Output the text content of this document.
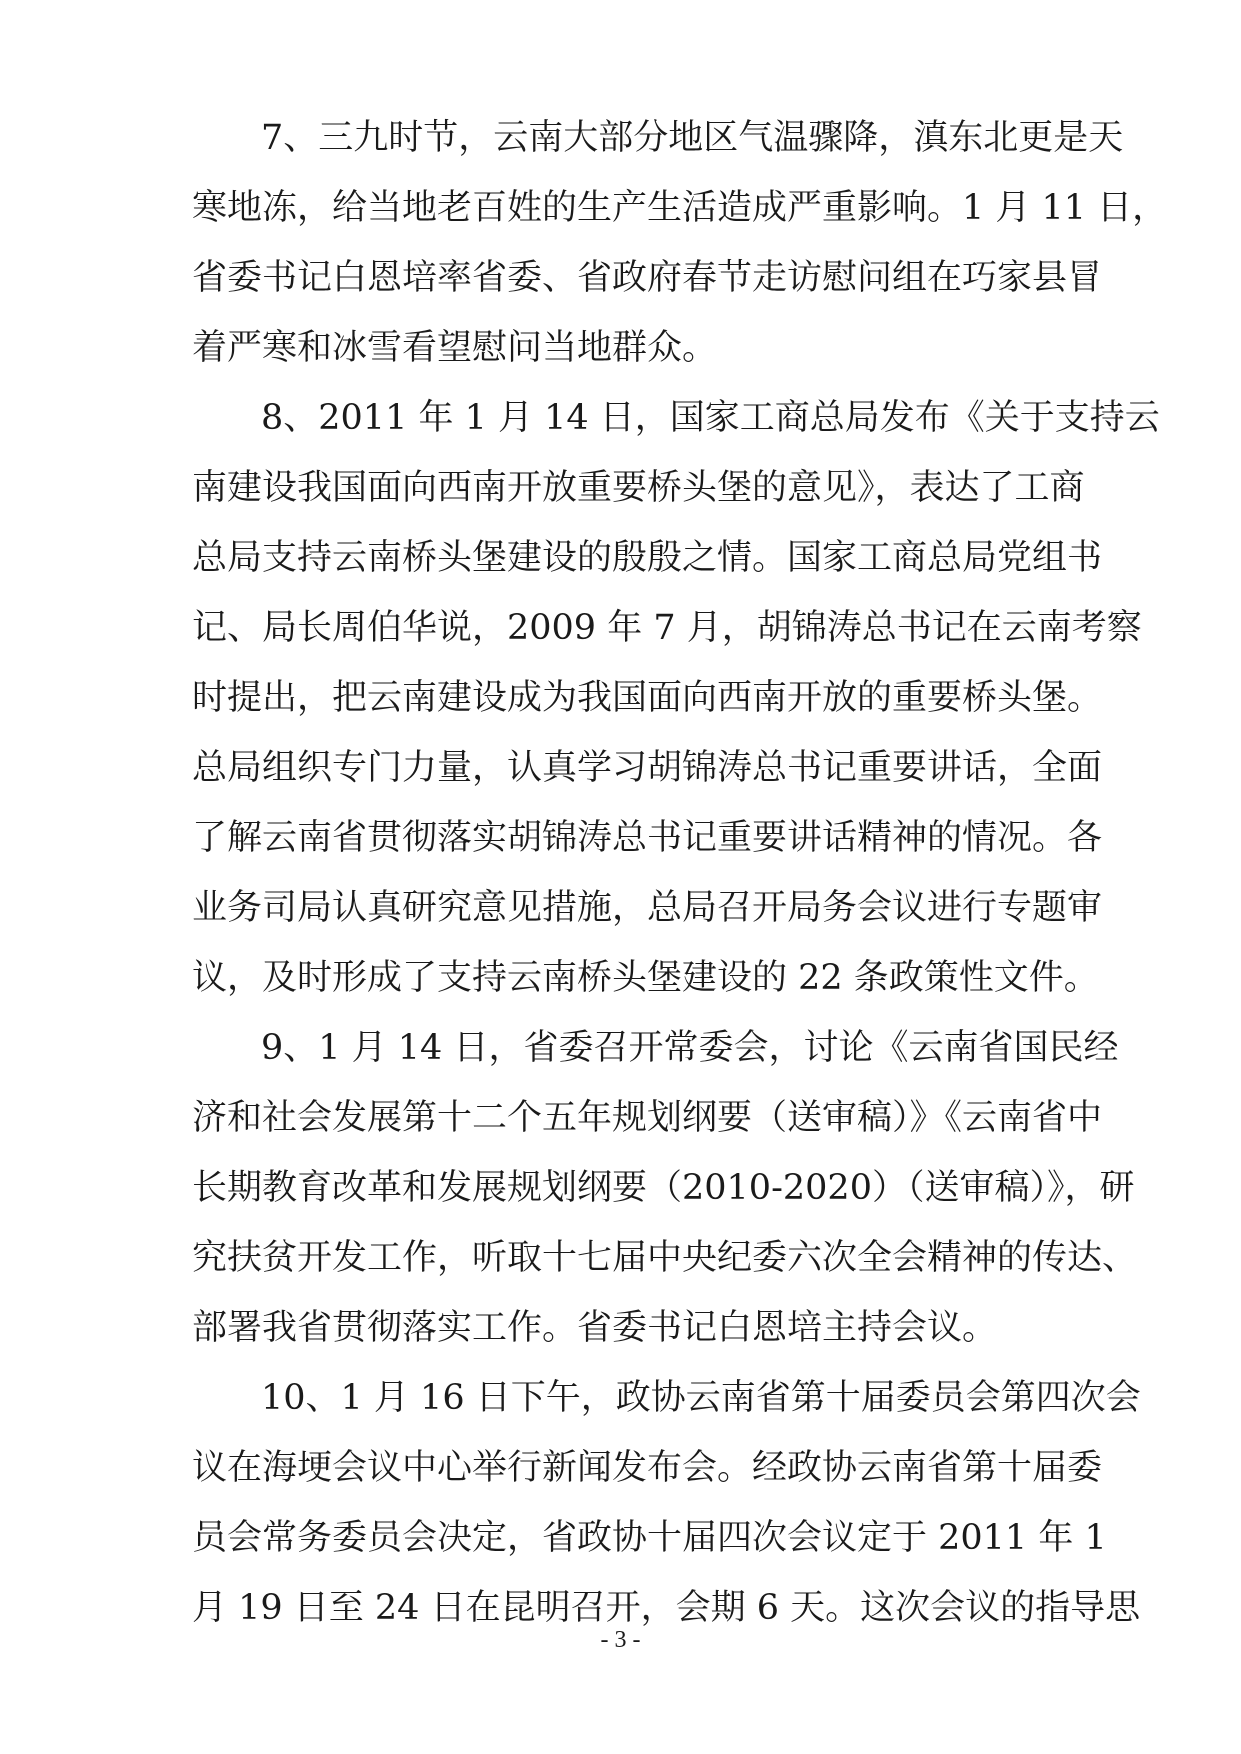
7、三九时节，云南大部分地区气温骤降，滇东北更是天
寒地冻，给当地老百姓的生产生活造成严重影响。1 月 11 日，
省委书记白恩培率省委、省政府春节走访慰问组在巧家县冒
着严寒和冰雪看望慰问当地群众。
8、2011 年 1 月 14 日，国家工商总局发布《关于支持云
南建设我国面向西南开放重要桥头堡的意见》，表达了工商
总局支持云南桥头堡建设的殷殷之情。国家工商总局党组书
记、局长周伯华说，2009 年 7 月，胡锦涛总书记在云南考察
时提出，把云南建设成为我国面向西南开放的重要桥头堡。
总局组织专门力量，认真学习胡锦涛总书记重要讲话，全面
了解云南省贯彻落实胡锦涛总书记重要讲话精神的情况。各
业务司局认真研究意见措施，总局召开局务会议进行专题审
议，及时形成了支持云南桥头堡建设的 22 条政策性文件。
9、1 月 14 日，省委召开常委会，讨论《云南省国民经
济和社会发展第十二个五年规划纲要（送审稿）》《云南省中
长期教育改革和发展规划纲要（2010-2020）（送审稿）》，研
究扶贫开发工作，听取十七届中央纪委六次全会精神的传达、
部署我省贯彻落实工作。省委书记白恩培主持会议。
10、1 月 16 日下午，政协云南省第十届委员会第四次会
议在海埂会议中心举行新闻发布会。经政协云南省第十届委
员会常务委员会决定，省政协十届四次会议定于 2011 年 1
月 19 日至 24 日在昆明召开，会期 6 天。这次会议的指导思
- 3 -
